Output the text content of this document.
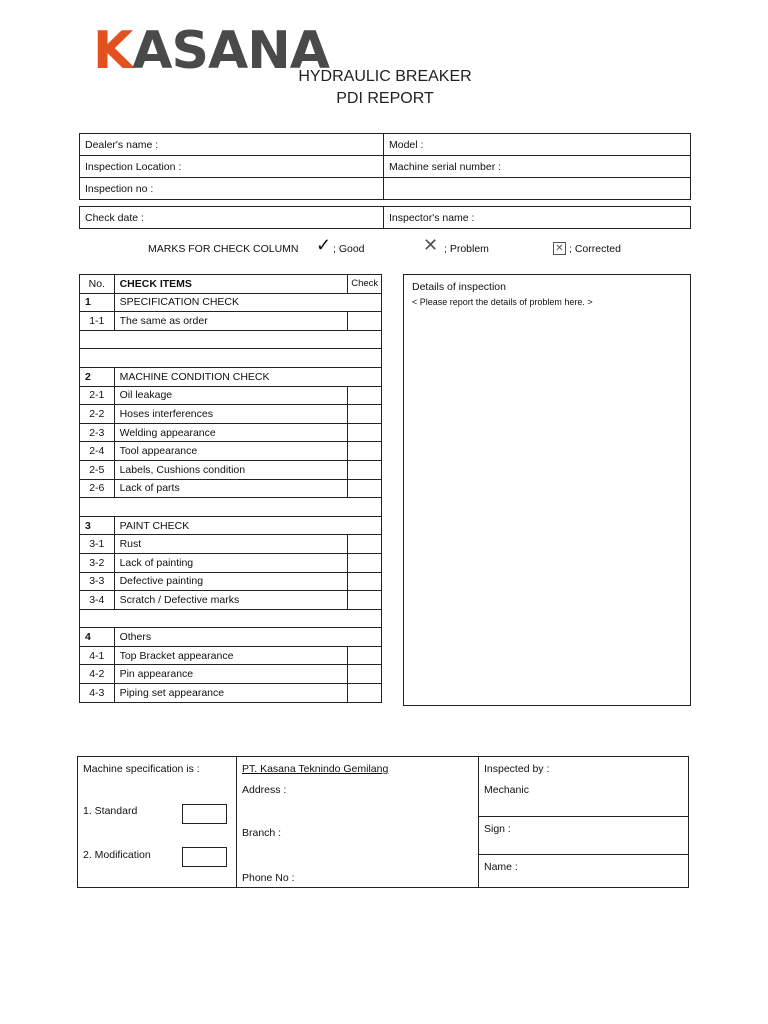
KASANA
HYDRAULIC BREAKER
PDI REPORT
Dealer's name :	Model :
Inspection Location :	Machine serial number :
Inspection no :	
Check date :	Inspector's name :
MARKS FOR CHECK COLUMN ✓ ; Good	✕ ; Problem	✕ ; Corrected
No.	CHECK ITEMS	Check
1	SPECIFICATION CHECK	
1-1	The same as order	

2	MACHINE CONDITION CHECK	
2-1	Oil leakage	
2-2	Hoses interferences	
2-3	Welding appearance	
2-4	Tool appearance	
2-5	Labels, Cushions condition	
2-6	Lack of parts	

3	PAINT CHECK	
3-1	Rust	
3-2	Lack of painting	
3-3	Defective painting	
3-4	Scratch / Defective marks	

4	Others	
4-1	Top Bracket appearance	
4-2	Pin appearance	
4-3	Piping set appearance	
Details of inspection
< Please report the details of problem here. >
Machine specification is :
1. Standard
2. Modification

PT. Kasana Teknindo Gemilang
Address :
Branch :
Phone No :

Inspected by :
Mechanic

Sign :
Name :
